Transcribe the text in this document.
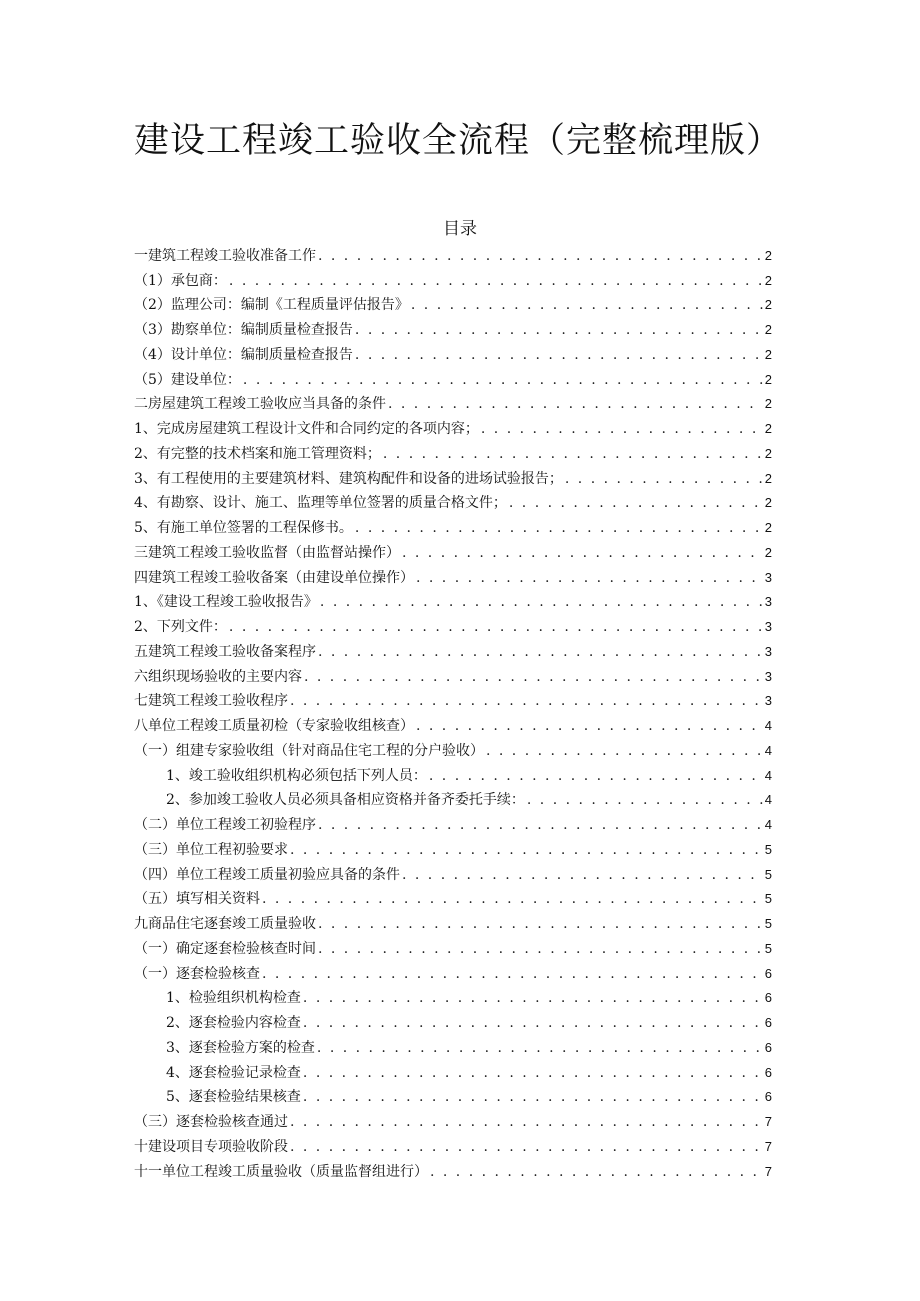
建设工程竣工验收全流程（完整梳理版）
目录
一建筑工程竣工验收准备工作 . . .	2
（1）承包商： . . .	2
（2）监理公司：编制《工程质量评估报告》 . . .	2
（3）勘察单位：编制质量检查报告 . . .	2
（4）设计单位：编制质量检查报告 . . .	2
（5）建设单位： . . .	2
二房屋建筑工程竣工验收应当具备的条件 . . .	2
1、完成房屋建筑工程设计文件和合同约定的各项内容； . . .	2
2、有完整的技术档案和施工管理资料； . . .	2
3、有工程使用的主要建筑材料、建筑构配件和设备的进场试验报告； . . .	2
4、有勘察、设计、施工、监理等单位签署的质量合格文件； . . .	2
5、有施工单位签署的工程保修书。 . . .	2
三建筑工程竣工验收监督（由监督站操作） . . .	2
四建筑工程竣工验收备案（由建设单位操作） . . .	3
1、《建设工程竣工验收报告》 . . .	3
2、下列文件： . . .	3
五建筑工程竣工验收备案程序 . . .	3
六组织现场验收的主要内容 . . .	3
七建筑工程竣工验收程序 . . .	3
八单位工程竣工质量初检（专家验收组核查） . . .	4
（一）组建专家验收组（针对商品住宅工程的分户验收） . . .	4
1、竣工验收组织机构必须包括下列人员： . . .	4
2、参加竣工验收人员必须具备相应资格并备齐委托手续： . . .	4
（二）单位工程竣工初验程序 . . .	4
（三）单位工程初验要求 . . .	5
（四）单位工程竣工质量初验应具备的条件 . . .	5
（五）填写相关资料 . . .	5
九商品住宅逐套竣工质量验收 . . .	5
（一）确定逐套检验核查时间 . . .	5
（一）逐套检验核查 . . .	6
1、检验组织机构检查 . . .	6
2、逐套检验内容检查 . . .	6
3、逐套检验方案的检查 . . .	6
4、逐套检验记录检查 . . .	6
5、逐套检验结果核查 . . .	6
（三）逐套检验核查通过 . . .	7
十建设项目专项验收阶段 . . .	7
十一单位工程竣工质量验收（质量监督组进行） . . .	7
